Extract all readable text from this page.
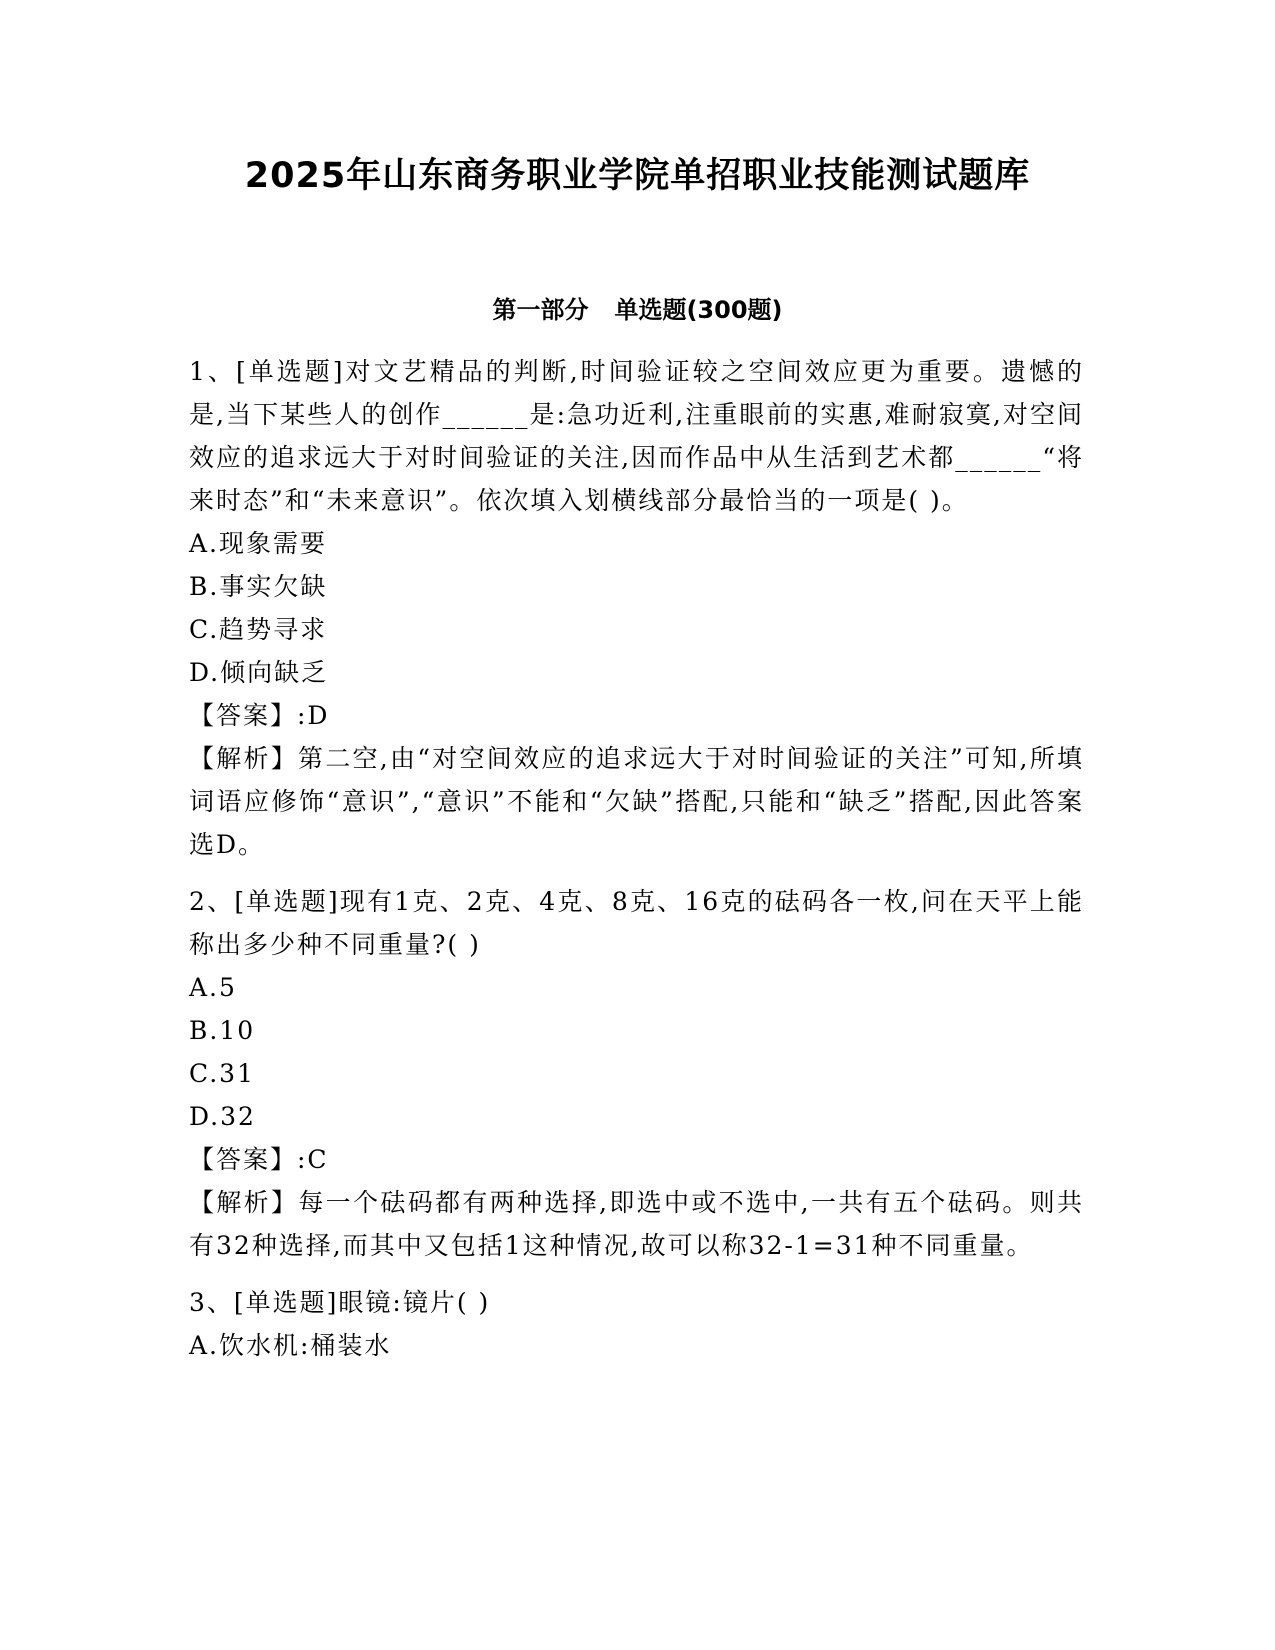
2025年山东商务职业学院单招职业技能测试题库
第一部分 单选题(300题)
1、[单选题]对文艺精品的判断,时间验证较之空间效应更为重要。遗憾的是,当下某些人的创作______是:急功近利,注重眼前的实惠,难耐寂寞,对空间效应的追求远大于对时间验证的关注,因而作品中从生活到艺术都______“将来时态”和“未来意识”。依次填入划横线部分最恰当的一项是( )。
A.现象需要
B.事实欠缺
C.趋势寻求
D.倾向缺乏
【答案】:D
【解析】第二空,由“对空间效应的追求远大于对时间验证的关注”可知,所填词语应修饰“意识”,“意识”不能和“欠缺”搭配,只能和“缺乏”搭配,因此答案选D。
2、[单选题]现有1克、2克、4克、8克、16克的砝码各一枚,问在天平上能称出多少种不同重量?( )
A.5
B.10
C.31
D.32
【答案】:C
【解析】每一个砝码都有两种选择,即选中或不选中,一共有五个砝码。则共有32种选择,而其中又包括1这种情况,故可以称32-1=31种不同重量。
3、[单选题]眼镜:镜片( )
A.饮水机:桶装水
